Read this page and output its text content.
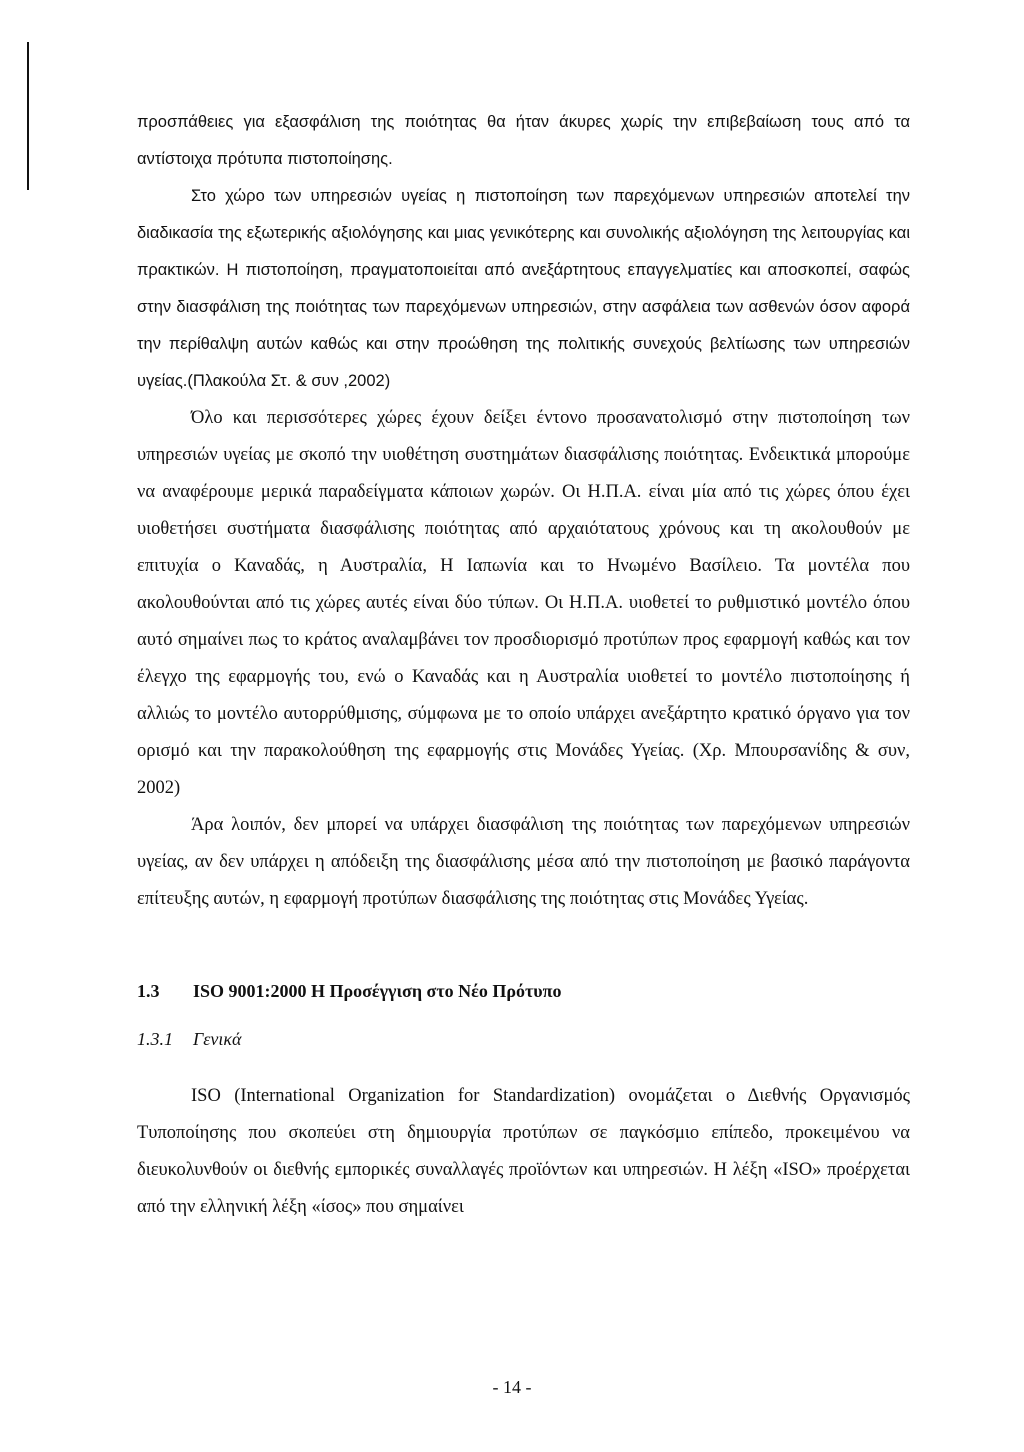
προσπάθειες για εξασφάλιση της ποιότητας θα ήταν άκυρες χωρίς την επιβεβαίωση τους από τα αντίστοιχα πρότυπα πιστοποίησης.

Στο χώρο των υπηρεσιών υγείας η πιστοποίηση των παρεχόμενων υπηρεσιών αποτελεί την διαδικασία της εξωτερικής αξιολόγησης και μιας γενικότερης και συνολικής αξιολόγηση της λειτουργίας και πρακτικών. Η πιστοποίηση, πραγματοποιείται από ανεξάρτητους επαγγελματίες και αποσκοπεί, σαφώς στην διασφάλιση της ποιότητας των παρεχόμενων υπηρεσιών, στην ασφάλεια των ασθενών όσον αφορά την περίθαλψη αυτών καθώς και στην προώθηση της πολιτικής συνεχούς βελτίωσης των υπηρεσιών υγείας.(Πλακούλα Στ. & συν ,2002)

Όλο και περισσότερες χώρες έχουν δείξει έντονο προσανατολισμό στην πιστοποίηση των υπηρεσιών υγείας με σκοπό την υιοθέτηση συστημάτων διασφάλισης ποιότητας. Ενδεικτικά μπορούμε να αναφέρουμε μερικά παραδείγματα κάποιων χωρών. Οι Η.Π.Α. είναι μία από τις χώρες όπου έχει υιοθετήσει συστήματα διασφάλισης ποιότητας από αρχαιότατους χρόνους και τη ακολουθούν με επιτυχία ο Καναδάς, η Αυστραλία, Η Ιαπωνία και το Ηνωμένο Βασίλειο. Τα μοντέλα που ακολουθούνται από τις χώρες αυτές είναι δύο τύπων. Οι Η.Π.Α. υιοθετεί το ρυθμιστικό μοντέλο όπου αυτό σημαίνει πως το κράτος αναλαμβάνει τον προσδιορισμό προτύπων προς εφαρμογή καθώς και τον έλεγχο της εφαρμογής του, ενώ ο Καναδάς και η Αυστραλία υιοθετεί το μοντέλο πιστοποίησης ή αλλιώς το μοντέλο αυτορρύθμισης, σύμφωνα με το οποίο υπάρχει ανεξάρτητο κρατικό όργανο για τον ορισμό και την παρακολούθηση της εφαρμογής στις Μονάδες Υγείας. (Χρ. Μπουρσανίδης & συν, 2002)

Άρα λοιπόν, δεν μπορεί να υπάρχει διασφάλιση της ποιότητας των παρεχόμενων υπηρεσιών υγείας, αν δεν υπάρχει η απόδειξη της διασφάλισης μέσα από την πιστοποίηση με βασικό παράγοντα επίτευξης αυτών, η εφαρμογή προτύπων διασφάλισης της ποιότητας στις Μονάδες Υγείας.

1.3 ISO 9001:2000 Η Προσέγγιση στο Νέο Πρότυπο
1.3.1 Γενικά

ISO (International Organization for Standardization) ονομάζεται ο Διεθνής Οργανισμός Τυποποίησης που σκοπεύει στη δημιουργία προτύπων σε παγκόσμιο επίπεδο, προκειμένου να διευκολυνθούν οι διεθνής εμπορικές συναλλαγές προϊόντων και υπηρεσιών. Η λέξη «ISO» προέρχεται από την ελληνική λέξη «ίσος» που σημαίνει

- 14 -
